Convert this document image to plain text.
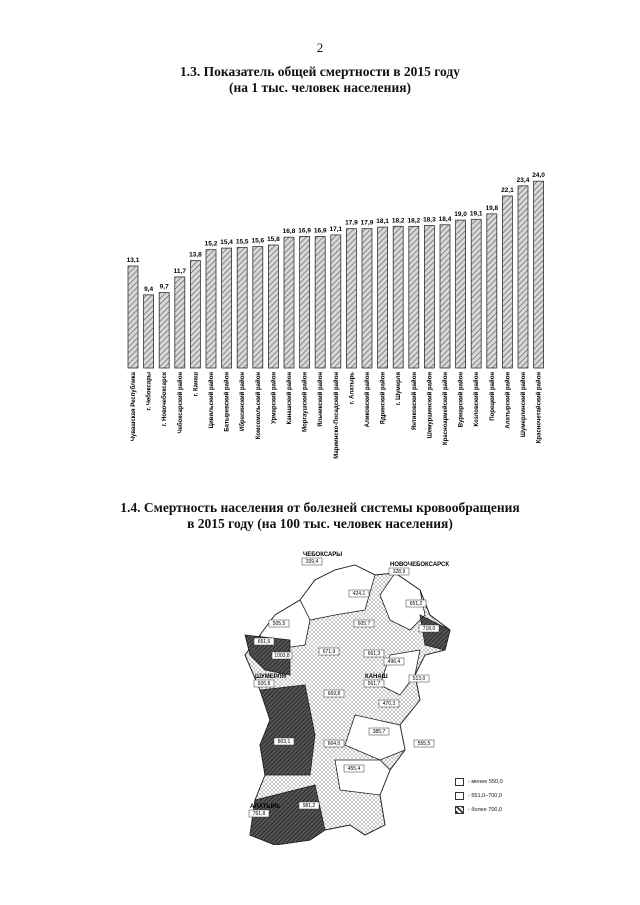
2
1.3. Показатель общей смертности в 2015 году
(на 1 тыс. человек населения)
13,1
Чувашская Республика
9,4
г. Чебоксары
9,7
г. Новочебоксарск
11,7
Чебоксарский район
13,8
г. Канаш
15,2
Цивильский район
15,4
Батыревский район
15,5
Ибресинский район
15,6
Комсомольский район
15,8
Урмарский район
16,8
Канашский район
16,9
Моргаушский район
16,9
Яльчикский район
17,1
Мариинско-Посадский район
17,9
г. Алатырь
17,9
Аликовский район
18,1
Ядринский район
18,2
г. Шумерля
18,2
Янтиковский район
18,3
Шемуршинский район
18,4
Красноармейский район
19,0
Вурнарский район
19,1
Козловский район
19,8
Порецкий район
22,1
Алатырский район
23,4
Шумерлинский район
24,0
Красночетайский район
1.4. Смертность населения от болезней системы кровообращения
в 2015 году (на 100 тыс. человек населения)
ЧЕБОКСАРЫ
339,4	НОВОЧЕБОКСАРСК
328,9
424,1
651,2
505,5
651,6
718,0
605,7
1003,8
671,9	661,3
496,4
ШУМЕРЛЯ
926,8
КАНАШ
561,7
513,0
669,8
470,3
385,7
664,0
803,1	555,5
455,4
АЛАТЫРЬ
761,8
981,2
- менее 550,0
- 551,0–700,0
- более 700,0
